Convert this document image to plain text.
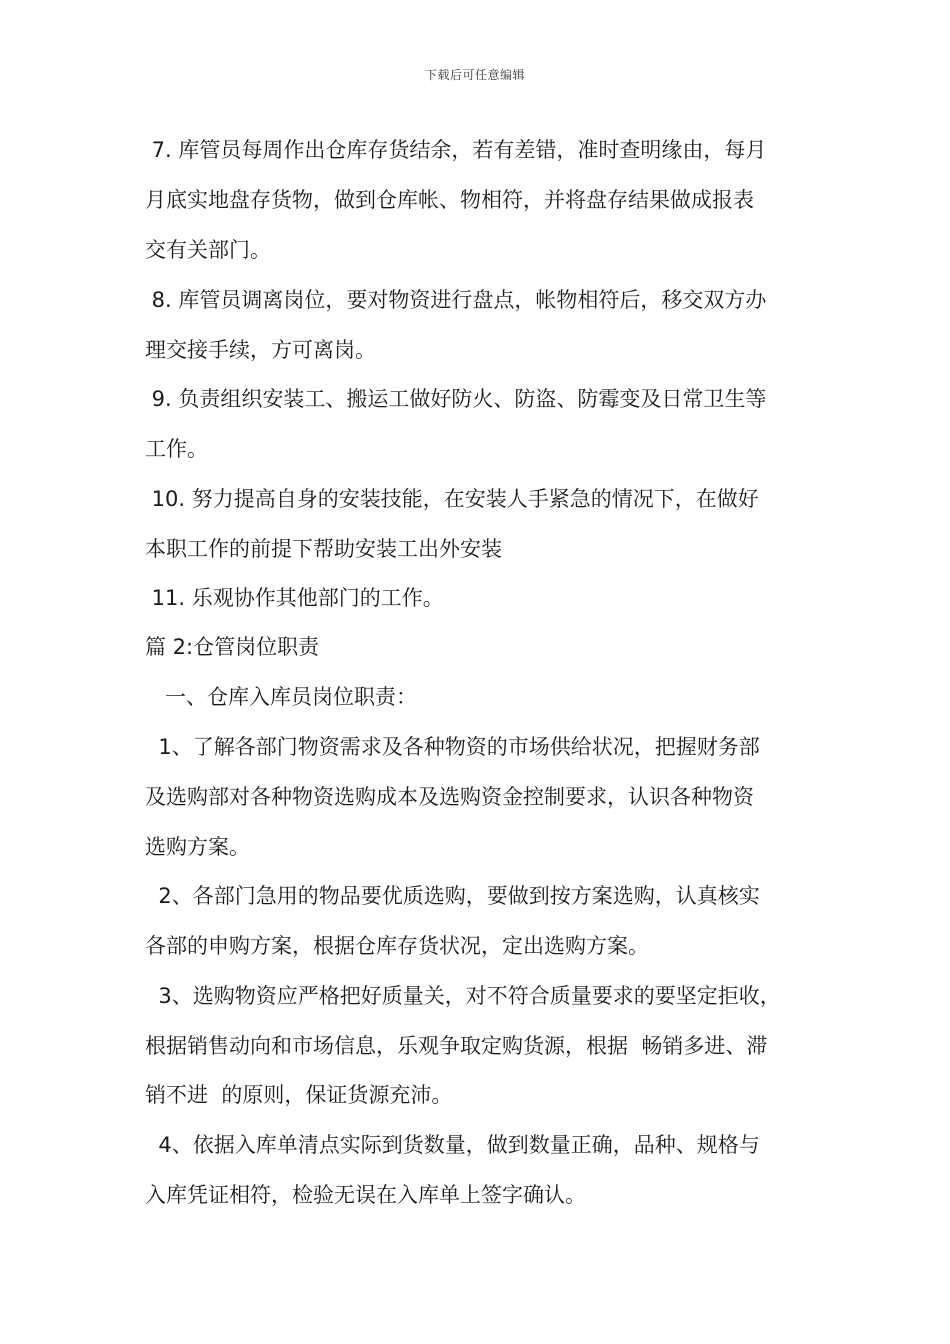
下载后可任意编辑
7. 库管员每周作出仓库存货结余，若有差错，准时查明缘由，每月
月底实地盘存货物，做到仓库帐、物相符，并将盘存结果做成报表
交有关部门。
8. 库管员调离岗位，要对物资进行盘点，帐物相符后，移交双方办
理交接手续，方可离岗。
9. 负责组织安装工、搬运工做好防火、防盗、防霉变及日常卫生等
工作。
10. 努力提高自身的安装技能，在安装人手紧急的情况下，在做好
本职工作的前提下帮助安装工出外安装
11. 乐观协作其他部门的工作。
篇 2:仓管岗位职责
一、仓库入库员岗位职责：
1、了解各部门物资需求及各种物资的市场供给状况，把握财务部
及选购部对各种物资选购成本及选购资金控制要求，认识各种物资
选购方案。
2、各部门急用的物品要优质选购，要做到按方案选购，认真核实
各部的申购方案，根据仓库存货状况，定出选购方案。
3、选购物资应严格把好质量关，对不符合质量要求的要坚定拒收，
根据销售动向和市场信息，乐观争取定购货源，根据  畅销多进、滞
销不进  的原则，保证货源充沛。
4、依据入库单清点实际到货数量，做到数量正确，品种、规格与
入库凭证相符，检验无误在入库单上签字确认。
